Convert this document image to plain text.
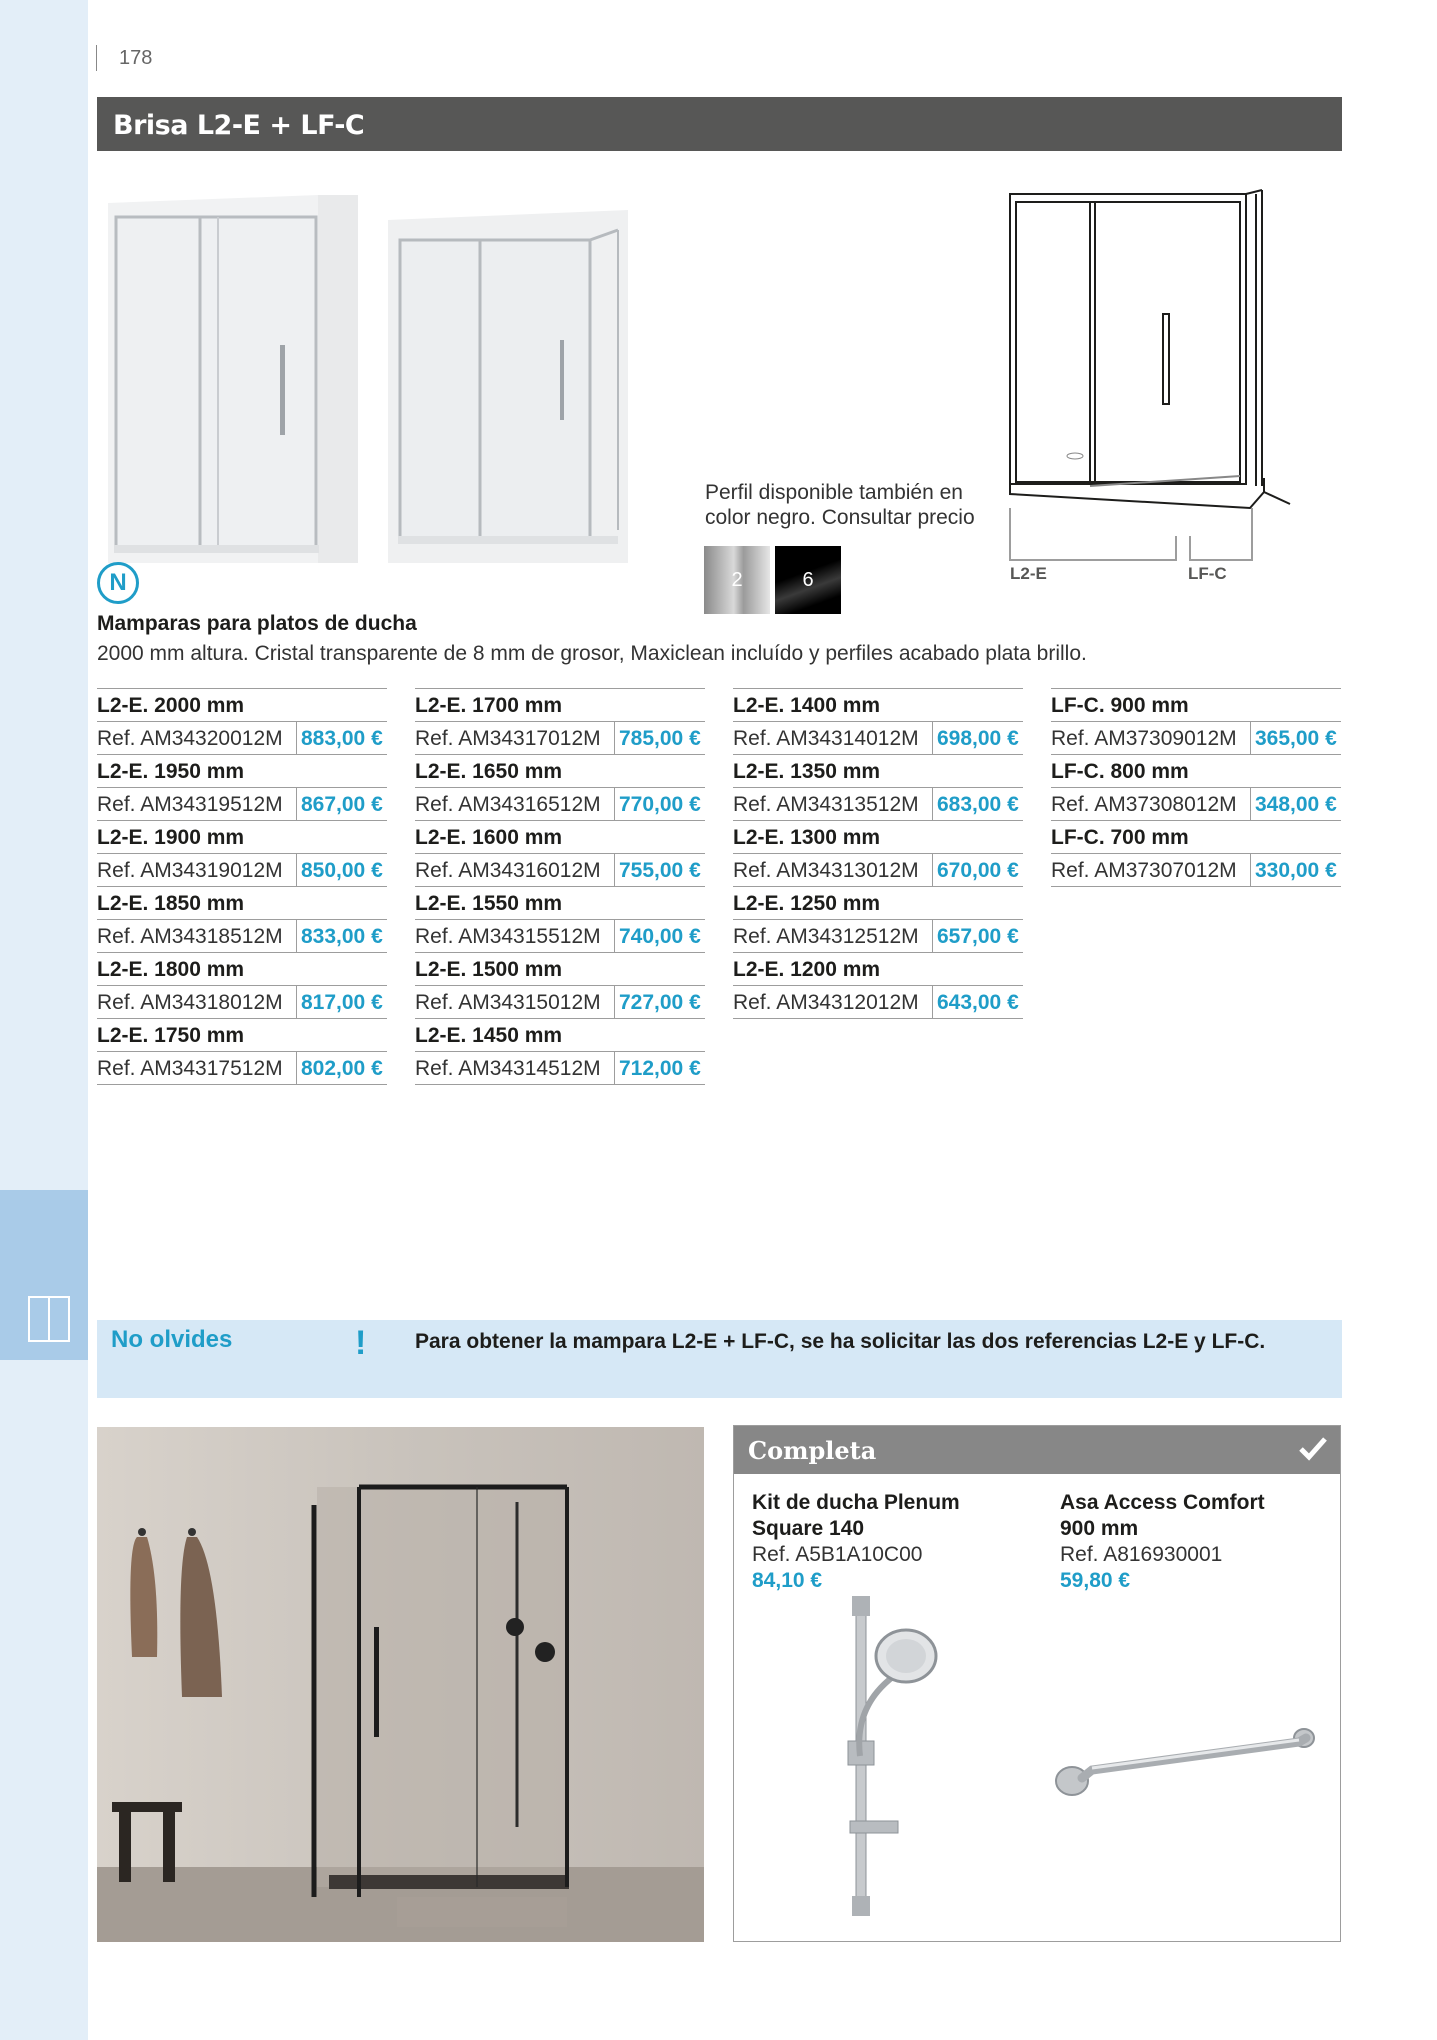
178
Brisa L2-E + LF-C
L2-E	LF-C
Perfil disponible también en color negro. Consultar precio
2	6
N
Mamparas para platos de ducha
2000 mm altura. Cristal transparente de 8 mm de grosor, Maxiclean incluído y perfiles acabado plata brillo.
L2-E. 2000 mm
Ref. AM34320012M 883,00 €
L2-E. 1950 mm
Ref. AM34319512M 867,00 €
L2-E. 1900 mm
Ref. AM34319012M 850,00 €
L2-E. 1850 mm
Ref. AM34318512M 833,00 €
L2-E. 1800 mm
Ref. AM34318012M 817,00 €
L2-E. 1750 mm
Ref. AM34317512M 802,00 €
L2-E. 1700 mm
Ref. AM34317012M 785,00 €
L2-E. 1650 mm
Ref. AM34316512M 770,00 €
L2-E. 1600 mm
Ref. AM34316012M 755,00 €
L2-E. 1550 mm
Ref. AM34315512M 740,00 €
L2-E. 1500 mm
Ref. AM34315012M 727,00 €
L2-E. 1450 mm
Ref. AM34314512M 712,00 €
L2-E. 1400 mm
Ref. AM34314012M 698,00 €
L2-E. 1350 mm
Ref. AM34313512M 683,00 €
L2-E. 1300 mm
Ref. AM34313012M 670,00 €
L2-E. 1250 mm
Ref. AM34312512M 657,00 €
L2-E. 1200 mm
Ref. AM34312012M 643,00 €
LF-C. 900 mm
Ref. AM37309012M 365,00 €
LF-C. 800 mm
Ref. AM37308012M 348,00 €
LF-C. 700 mm
Ref. AM37307012M 330,00 €
No olvides	! Para obtener la mampara L2-E + LF-C, se ha solicitar las dos referencias L2-E y LF-C.
Completa
Kit de ducha Plenum Square 140
Ref. A5B1A10C00
84,10 €
Asa Access Comfort 900 mm
Ref. A816930001
59,80 €
